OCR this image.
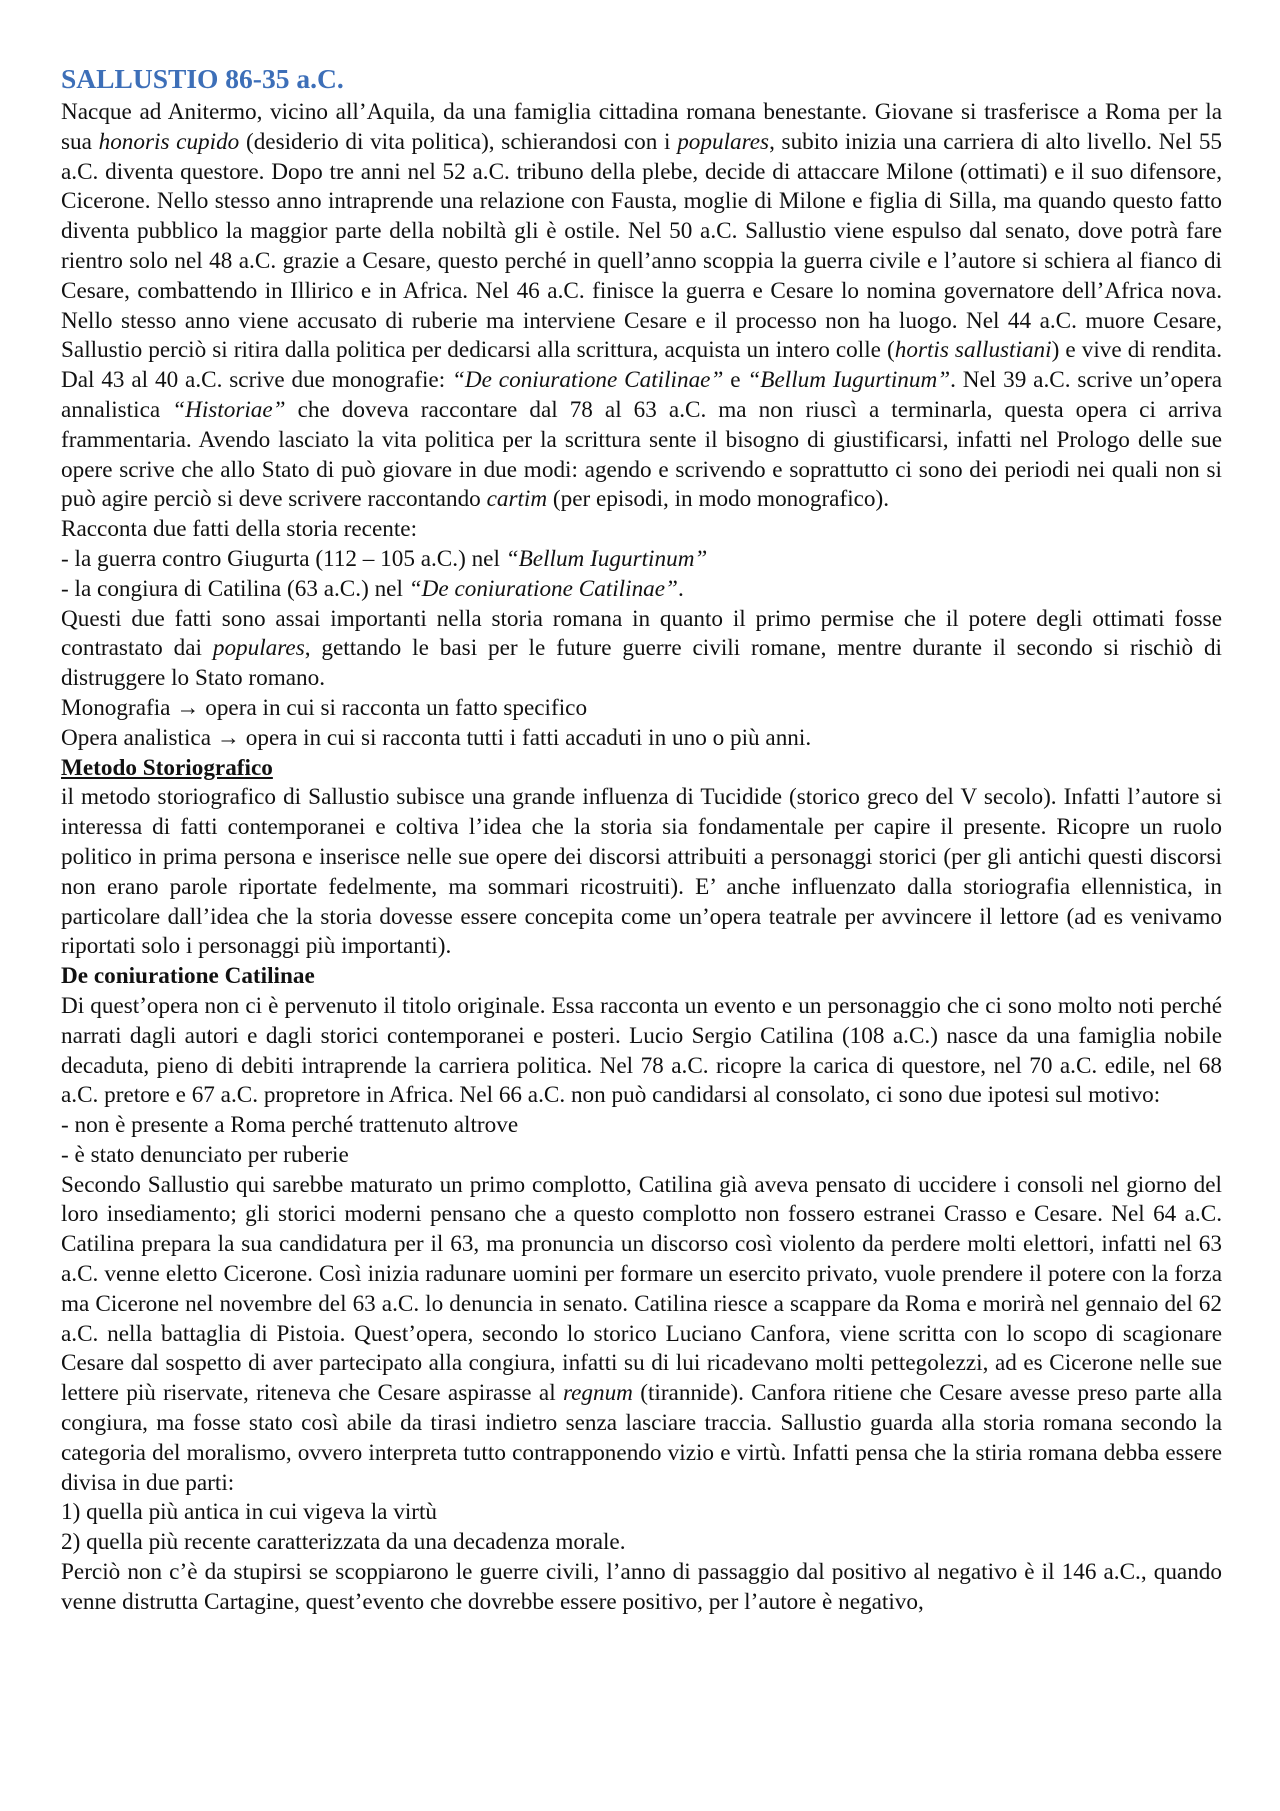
SALLUSTIO 86-35 a.C.

Nacque ad Anitermo, vicino all’Aquila, da una famiglia cittadina romana benestante. Giovane si trasferisce a Roma per la sua honoris cupido (desiderio di vita politica), schierandosi con i populares, subito inizia una carriera di alto livello. Nel 55 a.C. diventa questore. Dopo tre anni nel 52 a.C. tribuno della plebe, decide di attaccare Milone (ottimati) e il suo difensore, Cicerone. Nello stesso anno intraprende una relazione con Fausta, moglie di Milone e figlia di Silla, ma quando questo fatto diventa pubblico la maggior parte della nobiltà gli è ostile. Nel 50 a.C. Sallustio viene espulso dal senato, dove potrà fare rientro solo nel 48 a.C. grazie a Cesare, questo perché in quell’anno scoppia la guerra civile e l’autore si schiera al fianco di Cesare, combattendo in Illirico e in Africa. Nel 46 a.C. finisce la guerra e Cesare lo nomina governatore dell’Africa nova. Nello stesso anno viene accusato di ruberie ma interviene Cesare e il processo non ha luogo. Nel 44 a.C. muore Cesare, Sallustio perciò si ritira dalla politica per dedicarsi alla scrittura, acquista un intero colle (hortis sallustiani) e vive di rendita. Dal 43 al 40 a.C. scrive due monografie: “De coniuratione Catilinae” e “Bellum Iugurtinum”. Nel 39 a.C. scrive un’opera annalistica “Historiae” che doveva raccontare dal 78 al 63 a.C. ma non riuscì a terminarla, questa opera ci arriva frammentaria. Avendo lasciato la vita politica per la scrittura sente il bisogno di giustificarsi, infatti nel Prologo delle sue opere scrive che allo Stato di può giovare in due modi: agendo e scrivendo e soprattutto ci sono dei periodi nei quali non si può agire perciò si deve scrivere raccontando cartim (per episodi, in modo monografico).

Racconta due fatti della storia recente:
- la guerra contro Giugurta (112 – 105 a.C.) nel “Bellum Iugurtinum”
- la congiura di Catilina (63 a.C.) nel “De coniuratione Catilinae”.

Questi due fatti sono assai importanti nella storia romana in quanto il primo permise che il potere degli ottimati fosse contrastato dai populares, gettando le basi per le future guerre civili romane, mentre durante il secondo si rischiò di distruggere lo Stato romano.

Monografia → opera in cui si racconta un fatto specifico
Opera analistica → opera in cui si racconta tutti i fatti accaduti in uno o più anni.
Metodo Storiografico

il metodo storiografico di Sallustio subisce una grande influenza di Tucidide (storico greco del V secolo). Infatti l’autore si interessa di fatti contemporanei e coltiva l’idea che la storia sia fondamentale per capire il presente. Ricopre un ruolo politico in prima persona e inserisce nelle sue opere dei discorsi attribuiti a personaggi storici (per gli antichi questi discorsi non erano parole riportate fedelmente, ma sommari ricostruiti). E’ anche influenzato dalla storiografia ellennistica, in particolare dall’idea che la storia dovesse essere concepita come un’opera teatrale per avvincere il lettore (ad es venivamo riportati solo i personaggi più importanti).

De coniuratione Catilinae

Di quest’opera non ci è pervenuto il titolo originale. Essa racconta un evento e un personaggio che ci sono molto noti perché narrati dagli autori e dagli storici contemporanei e posteri. Lucio Sergio Catilina (108 a.C.) nasce da una famiglia nobile decaduta, pieno di debiti intraprende la carriera politica. Nel 78 a.C. ricopre la carica di questore, nel 70 a.C. edile, nel 68 a.C. pretore e 67 a.C. propretore in Africa. Nel 66 a.C. non può candidarsi al consolato, ci sono due ipotesi sul motivo:

- non è presente a Roma perché trattenuto altrove
- è stato denunciato per ruberie

Secondo Sallustio qui sarebbe maturato un primo complotto, Catilina già aveva pensato di uccidere i consoli nel giorno del loro insediamento; gli storici moderni pensano che a questo complotto non fossero estranei Crasso e Cesare. Nel 64 a.C. Catilina prepara la sua candidatura per il 63, ma pronuncia un discorso così violento da perdere molti elettori, infatti nel 63 a.C. venne eletto Cicerone. Così inizia radunare uomini per formare un esercito privato, vuole prendere il potere con la forza ma Cicerone nel novembre del 63 a.C. lo denuncia in senato. Catilina riesce a scappare da Roma e morirà nel gennaio del 62 a.C. nella battaglia di Pistoia. Quest’opera, secondo lo storico Luciano Canfora, viene scritta con lo scopo di scagionare Cesare dal sospetto di aver partecipato alla congiura, infatti su di lui ricadevano molti pettegolezzi, ad es Cicerone nelle sue lettere più riservate, riteneva che Cesare aspirasse al regnum (tirannide). Canfora ritiene che Cesare avesse preso parte alla congiura, ma fosse stato così abile da tirasi indietro senza lasciare traccia. Sallustio guarda alla storia romana secondo la categoria del moralismo, ovvero interpreta tutto contrapponendo vizio e virtù. Infatti pensa che la stiria romana debba essere divisa in due parti:

1) quella più antica in cui vigeva la virtù
2) quella più recente caratterizzata da una decadenza morale.

Perciò non c’è da stupirsi se scoppiarono le guerre civili, l’anno di passaggio dal positivo al negativo è il 146 a.C., quando venne distrutta Cartagine, quest’evento che dovrebbe essere positivo, per l’autore è negativo,
